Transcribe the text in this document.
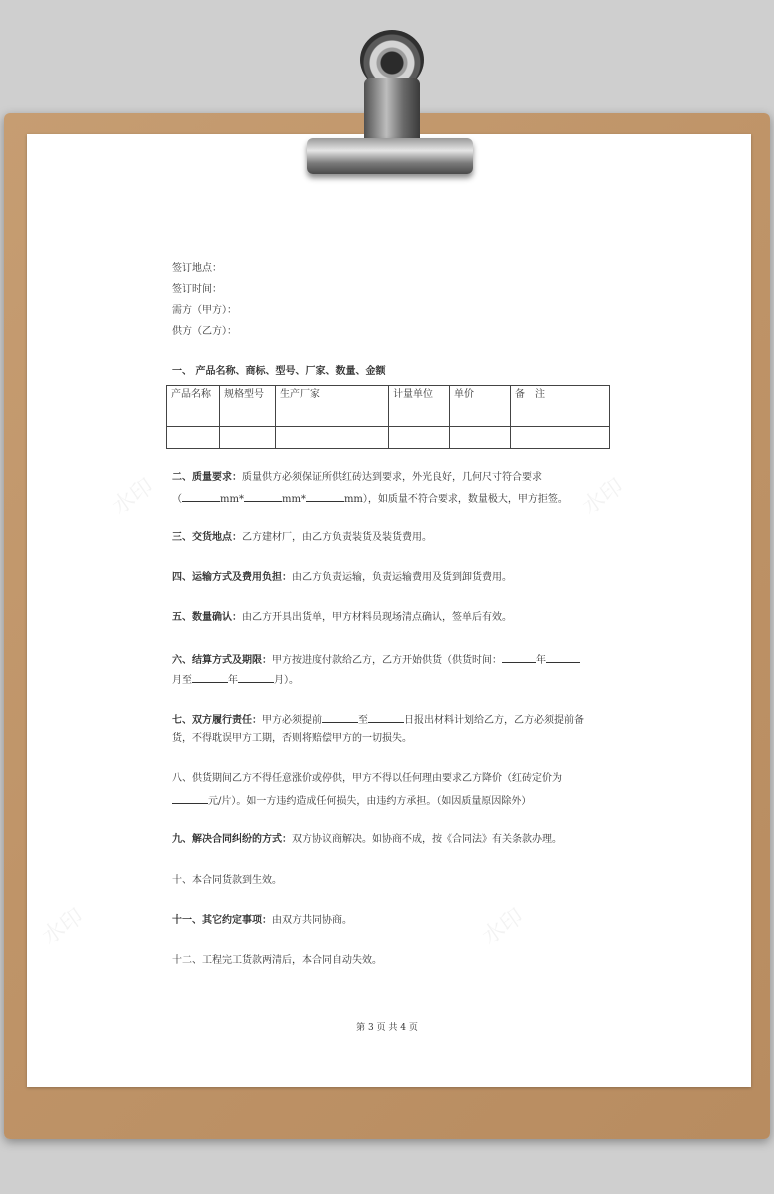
水印	水印
水印	水印
签订地点：
签订时间：
需方（甲方）：
供方（乙方）：
一、 产品名称、商标、型号、厂家、数量、金额
二、质量要求：质量供方必须保证所供红砖达到要求，外光良好，几何尺寸符合要求
（	mm*	mm*	mm），如质量不符合要求，数量极大，甲方拒签。
三、交货地点：乙方建材厂，由乙方负责装货及装货费用。
四、运输方式及费用负担：由乙方负责运输，负责运输费用及货到卸货费用。
五、数量确认：由乙方开具出货单，甲方材料员现场清点确认，签单后有效。
六、结算方式及期限：甲方按进度付款给乙方，乙方开始供货（供货时间：	年
月至	年	月）。
七、双方履行责任：甲方必须提前	至	日报出材料计划给乙方，乙方必须提前备
货，不得耽误甲方工期，否则将赔偿甲方的一切损失。
八、供货期间乙方不得任意涨价或停供，甲方不得以任何理由要求乙方降价（红砖定价为
元/片）。如一方违约造成任何损失，由违约方承担。（如因质量原因除外）
九、解决合同纠纷的方式：双方协议商解决。如协商不成，按《合同法》有关条款办理。
十、本合同货款到生效。
十一、其它约定事项：由双方共同协商。
十二、工程完工货款两清后，本合同自动失效。
产品名称	规格型号	生产厂家	计量单位	单价	备　注

第 3 页 共 4 页
